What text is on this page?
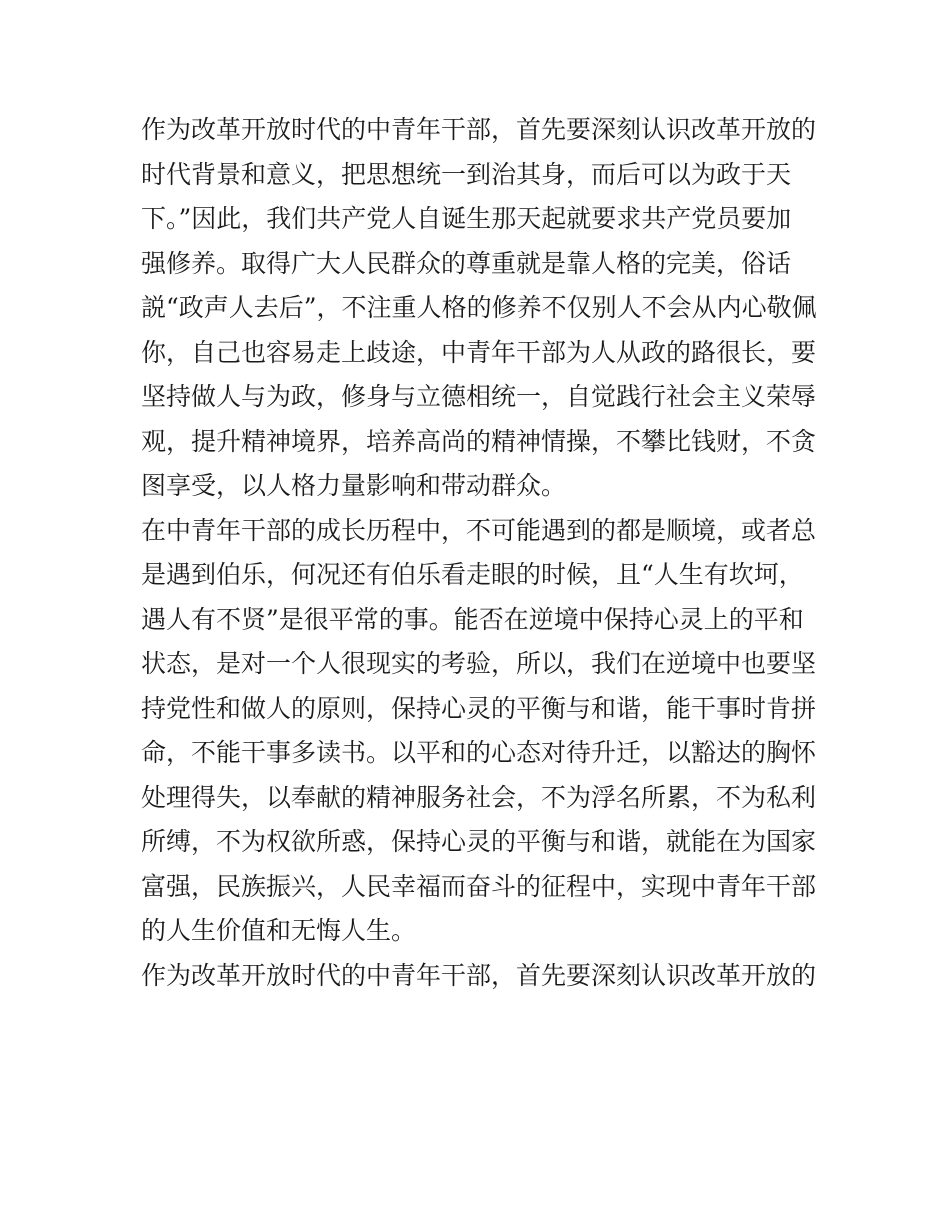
作为改革开放时代的中青年干部，首先要深刻认识改革开放的
时代背景和意义，把思想统一到治其身，而后可以为政于天
下。”因此，我们共产党人自诞生那天起就要求共产党员要加
强修养。取得广大人民群众的尊重就是靠人格的完美，俗话
説“政声人去后”，不注重人格的修养不仅别人不会从内心敬佩
你，自己也容易走上歧途，中青年干部为人从政的路很长，要
坚持做人与为政，修身与立德相统一，自觉践行社会主义荣辱
观，提升精神境界，培养高尚的精神情操，不攀比钱财，不贪
图享受，以人格力量影响和带动群众。
在中青年干部的成长历程中，不可能遇到的都是顺境，或者总
是遇到伯乐，何况还有伯乐看走眼的时候，且“人生有坎坷，
遇人有不贤”是很平常的事。能否在逆境中保持心灵上的平和
状态，是对一个人很现实的考验，所以，我们在逆境中也要坚
持党性和做人的原则，保持心灵的平衡与和谐，能干事时肯拼
命，不能干事多读书。以平和的心态对待升迁，以豁达的胸怀
处理得失，以奉献的精神服务社会，不为浮名所累，不为私利
所缚，不为权欲所惑，保持心灵的平衡与和谐，就能在为国家
富强，民族振兴，人民幸福而奋斗的征程中，实现中青年干部
的人生价值和无悔人生。
作为改革开放时代的中青年干部，首先要深刻认识改革开放的
